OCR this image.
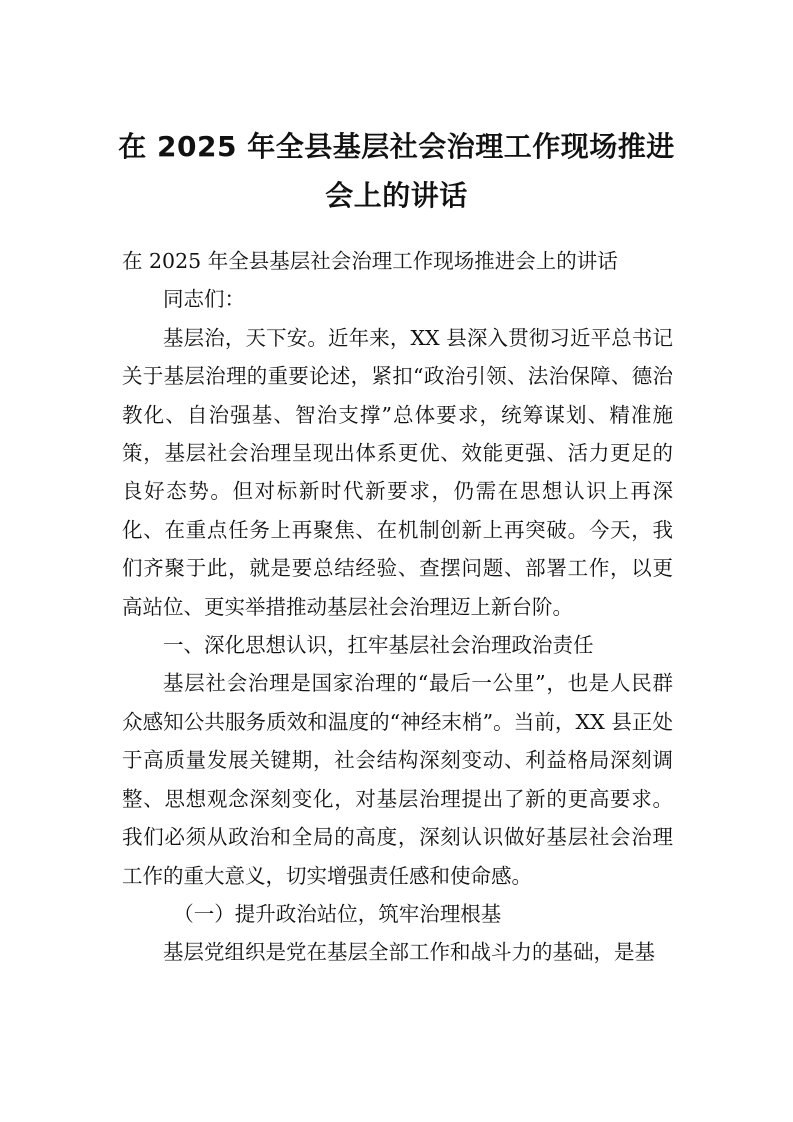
在 2025 年全县基层社会治理工作现场推进
会上的讲话

在 2025 年全县基层社会治理工作现场推进会上的讲话

同志们：

基层治，天下安。近年来，XX 县深入贯彻习近平总书记关于基层治理的重要论述，紧扣“政治引领、法治保障、德治教化、自治强基、智治支撑”总体要求，统筹谋划、精准施策，基层社会治理呈现出体系更优、效能更强、活力更足的良好态势。但对标新时代新要求，仍需在思想认识上再深化、在重点任务上再聚焦、在机制创新上再突破。今天，我们齐聚于此，就是要总结经验、查摆问题、部署工作，以更高站位、更实举措推动基层社会治理迈上新台阶。

一、深化思想认识，扛牢基层社会治理政治责任

基层社会治理是国家治理的“最后一公里”，也是人民群众感知公共服务质效和温度的“神经末梢”。当前，XX 县正处于高质量发展关键期，社会结构深刻变动、利益格局深刻调整、思想观念深刻变化，对基层治理提出了新的更高要求。我们必须从政治和全局的高度，深刻认识做好基层社会治理工作的重大意义，切实增强责任感和使命感。

（一）提升政治站位，筑牢治理根基

基层党组织是党在基层全部工作和战斗力的基础，是基
